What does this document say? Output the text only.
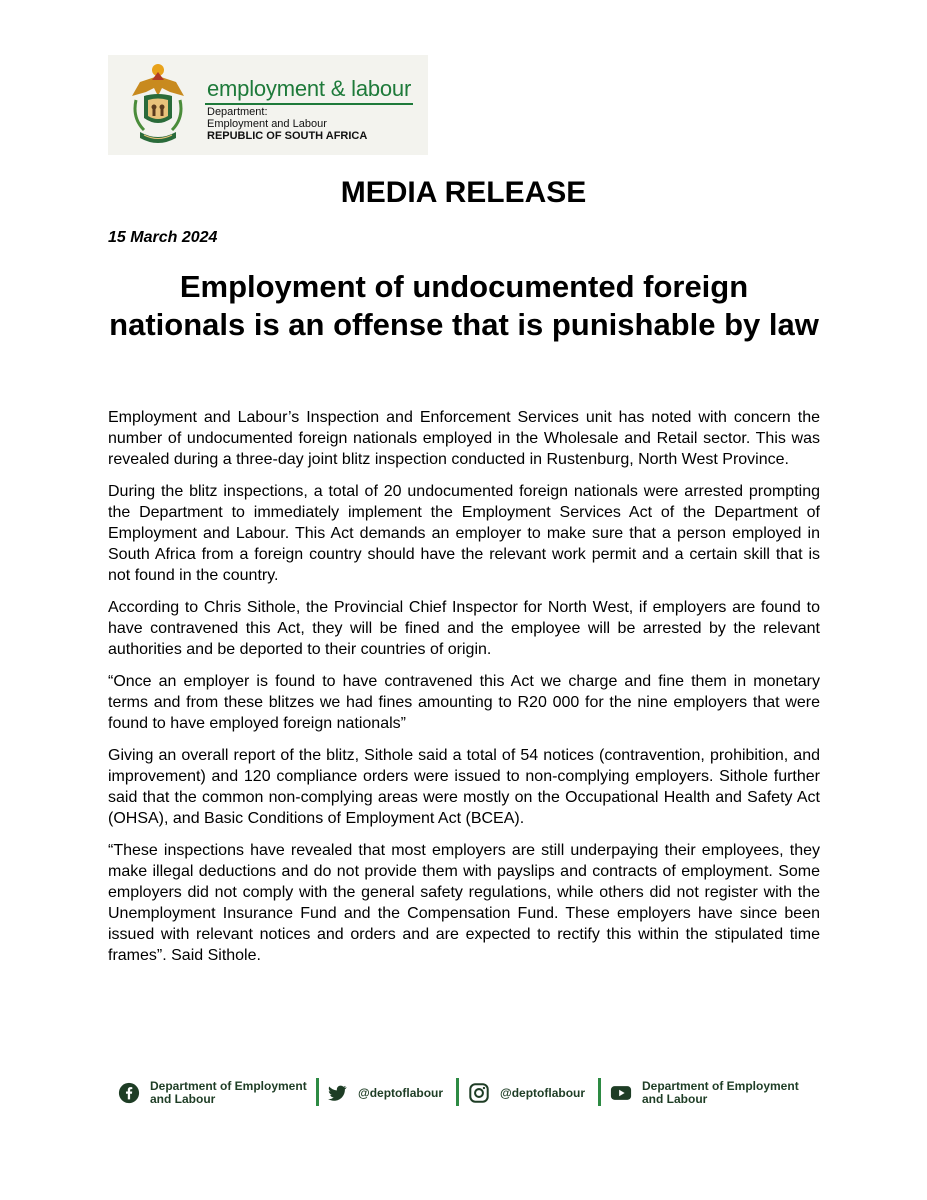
employment & labour
Department:
Employment and Labour
REPUBLIC OF SOUTH AFRICA
MEDIA RELEASE
15 March 2024
Employment of undocumented foreign nationals is an offense that is punishable by law

Employment and Labour’s Inspection and Enforcement Services unit has noted with concern the number of undocumented foreign nationals employed in the Wholesale and Retail sector. This was revealed during a three-day joint blitz inspection conducted in Rustenburg, North West Province.

During the blitz inspections, a total of 20 undocumented foreign nationals were arrested prompting the Department to immediately implement the Employment Services Act of the Department of Employment and Labour. This Act demands an employer to make sure that a person employed in South Africa from a foreign country should have the relevant work permit and a certain skill that is not found in the country.

According to Chris Sithole, the Provincial Chief Inspector for North West, if employers are found to have contravened this Act, they will be fined and the employee will be arrested by the relevant authorities and be deported to their countries of origin.

“Once an employer is found to have contravened this Act we charge and fine them in monetary terms and from these blitzes we had fines amounting to R20 000 for the nine employers that were found to have employed foreign nationals”

Giving an overall report of the blitz, Sithole said a total of 54 notices (contravention, prohibition, and improvement) and 120 compliance orders were issued to non-complying employers. Sithole further said that the common non-complying areas were mostly on the Occupational Health and Safety Act (OHSA), and Basic Conditions of Employment Act (BCEA).

“These inspections have revealed that most employers are still underpaying their employees, they make illegal deductions and do not provide them with payslips and contracts of employment. Some employers did not comply with the general safety regulations, while others did not register with the Unemployment Insurance Fund and the Compensation Fund. These employers have since been issued with relevant notices and orders and are expected to rectify this within the stipulated time frames”. Said Sithole.

Department of Employment
and Labour	@deptoflabour	@deptoflabour	Department of Employment
and Labour
